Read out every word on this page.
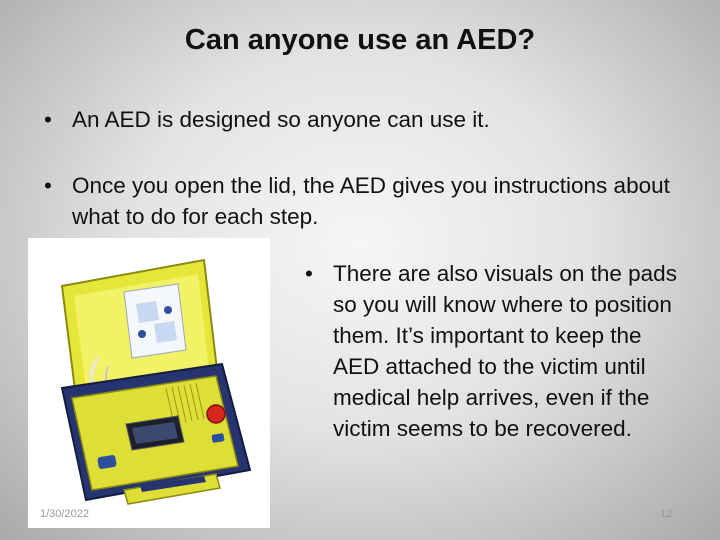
Can anyone use an AED?
• An AED is designed so anyone can use it.
• Once you open the lid, the AED gives you instructions about what to do for each step.
• There are also visuals on the pads so you will know where to position them. It’s important to keep the AED attached to the victim until medical help arrives, even if the victim seems to be recovered.
1/30/2022	12
